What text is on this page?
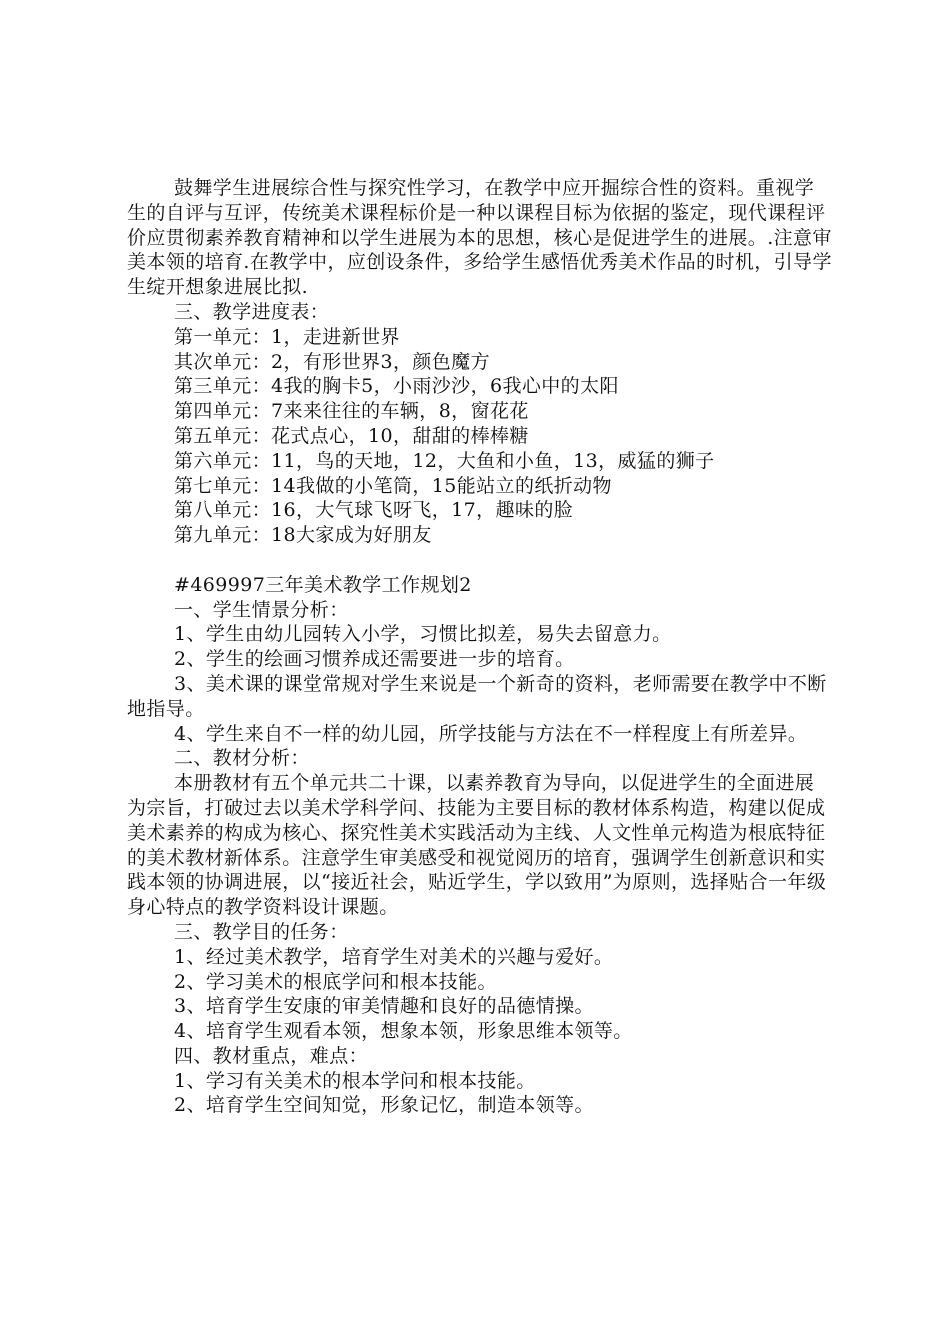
鼓舞学生进展综合性与探究性学习，在教学中应开掘综合性的资料。重视学生的自评与互评，传统美术课程标价是一种以课程目标为依据的鉴定，现代课程评价应贯彻素养教育精神和以学生进展为本的思想，核心是促进学生的进展。.注意审美本领的培育.在教学中，应创设条件，多给学生感悟优秀美术作品的时机，引导学生绽开想象进展比拟.

三、教学进度表：

第一单元：1，走进新世界

其次单元：2，有形世界3，颜色魔方

第三单元：4我的胸卡5，小雨沙沙，6我心中的太阳

第四单元：7来来往往的车辆，8，窗花花

第五单元：花式点心，10，甜甜的棒棒糖

第六单元：11，鸟的天地，12，大鱼和小鱼，13，威猛的狮子

第七单元：14我做的小笔筒，15能站立的纸折动物

第八单元：16，大气球飞呀飞，17，趣味的脸

第九单元：18大家成为好朋友

#469997三年美术教学工作规划2

一、学生情景分析：

1、学生由幼儿园转入小学，习惯比拟差，易失去留意力。

2、学生的绘画习惯养成还需要进一步的培育。

3、美术课的课堂常规对学生来说是一个新奇的资料，老师需要在教学中不断地指导。

4、学生来自不一样的幼儿园，所学技能与方法在不一样程度上有所差异。

二、教材分析：

本册教材有五个单元共二十课，以素养教育为导向，以促进学生的全面进展为宗旨，打破过去以美术学科学问、技能为主要目标的教材体系构造，构建以促成美术素养的构成为核心、探究性美术实践活动为主线、人文性单元构造为根底特征的美术教材新体系。注意学生审美感受和视觉阅历的培育，强调学生创新意识和实践本领的协调进展，以“接近社会，贴近学生，学以致用”为原则，选择贴合一年级身心特点的教学资料设计课题。

三、教学目的任务：

1、经过美术教学，培育学生对美术的兴趣与爱好。

2、学习美术的根底学问和根本技能。

3、培育学生安康的审美情趣和良好的品德情操。

4、培育学生观看本领，想象本领，形象思维本领等。

四、教材重点，难点：

1、学习有关美术的根本学问和根本技能。

2、培育学生空间知觉，形象记忆，制造本领等。
